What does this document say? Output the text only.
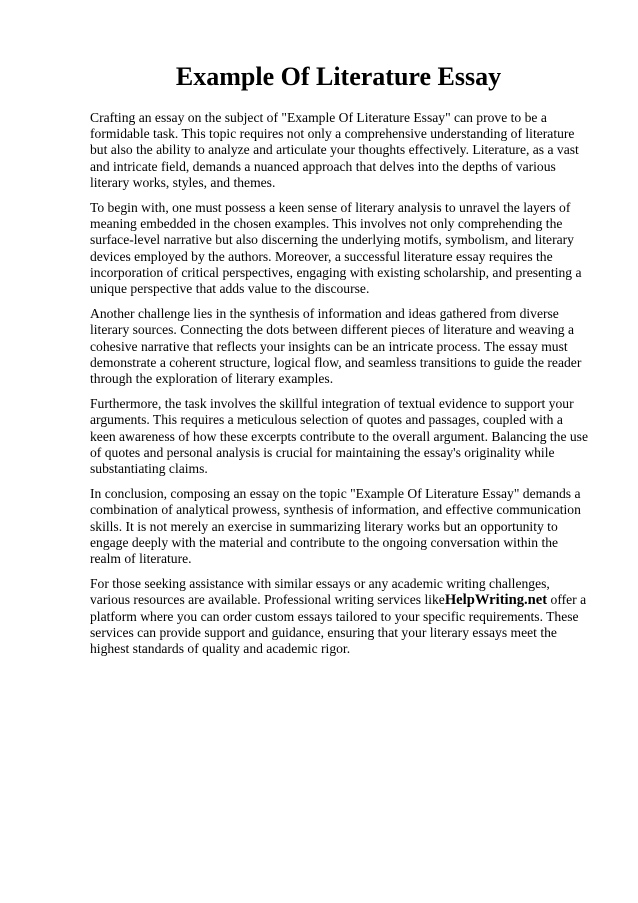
Example Of Literature Essay

Crafting an essay on the subject of "Example Of Literature Essay" can prove to be a formidable task. This topic requires not only a comprehensive understanding of literature but also the ability to analyze and articulate your thoughts effectively. Literature, as a vast and intricate field, demands a nuanced approach that delves into the depths of various literary works, styles, and themes.

To begin with, one must possess a keen sense of literary analysis to unravel the layers of meaning embedded in the chosen examples. This involves not only comprehending the surface-level narrative but also discerning the underlying motifs, symbolism, and literary devices employed by the authors. Moreover, a successful literature essay requires the incorporation of critical perspectives, engaging with existing scholarship, and presenting a unique perspective that adds value to the discourse.

Another challenge lies in the synthesis of information and ideas gathered from diverse literary sources. Connecting the dots between different pieces of literature and weaving a cohesive narrative that reflects your insights can be an intricate process. The essay must demonstrate a coherent structure, logical flow, and seamless transitions to guide the reader through the exploration of literary examples.

Furthermore, the task involves the skillful integration of textual evidence to support your arguments. This requires a meticulous selection of quotes and passages, coupled with a keen awareness of how these excerpts contribute to the overall argument. Balancing the use of quotes and personal analysis is crucial for maintaining the essay's originality while substantiating claims.

In conclusion, composing an essay on the topic "Example Of Literature Essay" demands a combination of analytical prowess, synthesis of information, and effective communication skills. It is not merely an exercise in summarizing literary works but an opportunity to engage deeply with the material and contribute to the ongoing conversation within the realm of literature.

For those seeking assistance with similar essays or any academic writing challenges, various resources are available. Professional writing services likeHelpWriting.net offer a platform where you can order custom essays tailored to your specific requirements. These services can provide support and guidance, ensuring that your literary essays meet the highest standards of quality and academic rigor.
